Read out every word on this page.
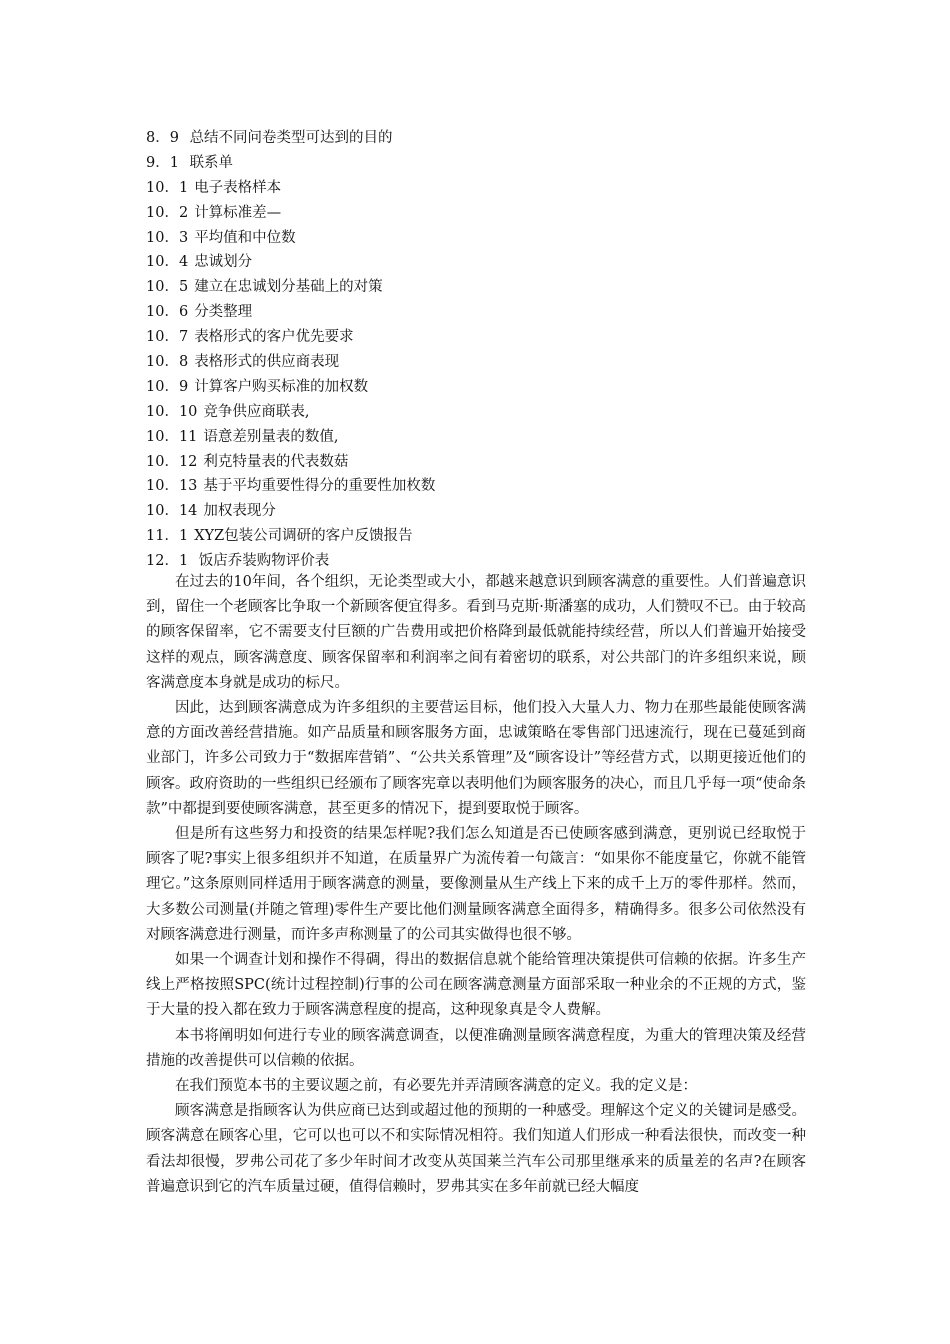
8．9 总结不同问卷类型可达到的目的
9．1 联系单
10．1 电子表格样本
10．2 计算标准差—
10．3 平均值和中位数
10．4 忠诚划分
10．5 建立在忠诚划分基础上的对策
10．6 分类整理
10．7 表格形式的客户优先要求
10．8 表格形式的供应商表现
10．9 计算客户购买标准的加权数
10．10 竞争供应商联表,
10．11 语意差别量表的数值,
10．12 利克特量表的代表数菇
10．13 基于平均重要性得分的重要性加枚数
10．14 加权表现分
11．1 XYZ包装公司调研的客户反馈报告
12．1 饭店乔装购物评价表

在过去的10年间，各个组织，无论类型或大小，都越来越意识到顾客满意的重要性。人们普遍意识到，留住一个老顾客比争取一个新顾客便宜得多。看到马克斯·斯潘塞的成功，人们赞叹不已。由于较高的顾客保留率，它不需要支付巨额的广告费用或把价格降到最低就能持续经营，所以人们普遍开始接受这样的观点，顾客满意度、顾客保留率和利润率之间有着密切的联系，对公共部门的许多组织来说，顾客满意度本身就是成功的标尺。

因此，达到顾客满意成为许多组织的主要营运目标，他们投入大量人力、物力在那些最能使顾客满意的方面改善经营措施。如产品质量和顾客服务方面，忠诚策略在零售部门迅速流行，现在已蔓延到商业部门，许多公司致力于“数据库营销”、“公共关系管理”及“顾客设计”等经营方式，以期更接近他们的顾客。政府资助的一些组织已经颁布了顾客宪章以表明他们为顾客服务的决心，而且几乎每一项“使命条款”中都提到要使顾客满意，甚至更多的情况下，提到要取悦于顾客。

但是所有这些努力和投资的结果怎样呢?我们怎么知道是否已使顾客感到满意，更别说已经取悦于顾客了呢?事实上很多组织并不知道，在质量界广为流传着一句箴言：“如果你不能度量它，你就不能管理它。”这条原则同样适用于顾客满意的测量，要像测量从生产线上下来的成千上万的零件那样。然而，大多数公司测量(并随之管理)零件生产要比他们测量顾客满意全面得多，精确得多。很多公司依然没有对顾客满意进行测量，而许多声称测量了的公司其实做得也很不够。

如果一个调查计划和操作不得碉，得出的数据信息就个能给管理决策提供可信赖的依据。许多生产线上严格按照SPC(统计过程控制)行事的公司在顾客满意测量方面部采取一种业余的不正规的方式，鉴于大量的投入都在致力于顾客满意程度的提高，这种现象真是令人费解。

本书将阐明如何进行专业的顾客满意调查，以便准确测量顾客满意程度，为重大的管理决策及经营措施的改善提供可以信赖的依据。

在我们预览本书的主要议题之前，有必要先并弄清顾客满意的定义。我的定义是：

顾客满意是指顾客认为供应商已达到或超过他的预期的一种感受。理解这个定义的关键词是感受。顾客满意在顾客心里，它可以也可以不和实际情况相符。我们知道人们形成一种看法很快，而改变一种看法却很慢，罗弗公司花了多少年时间才改变从英国莱兰汽车公司那里继承来的质量差的名声?在顾客普遍意识到它的汽车质量过硬，值得信赖时，罗弗其实在多年前就已经大幅度
